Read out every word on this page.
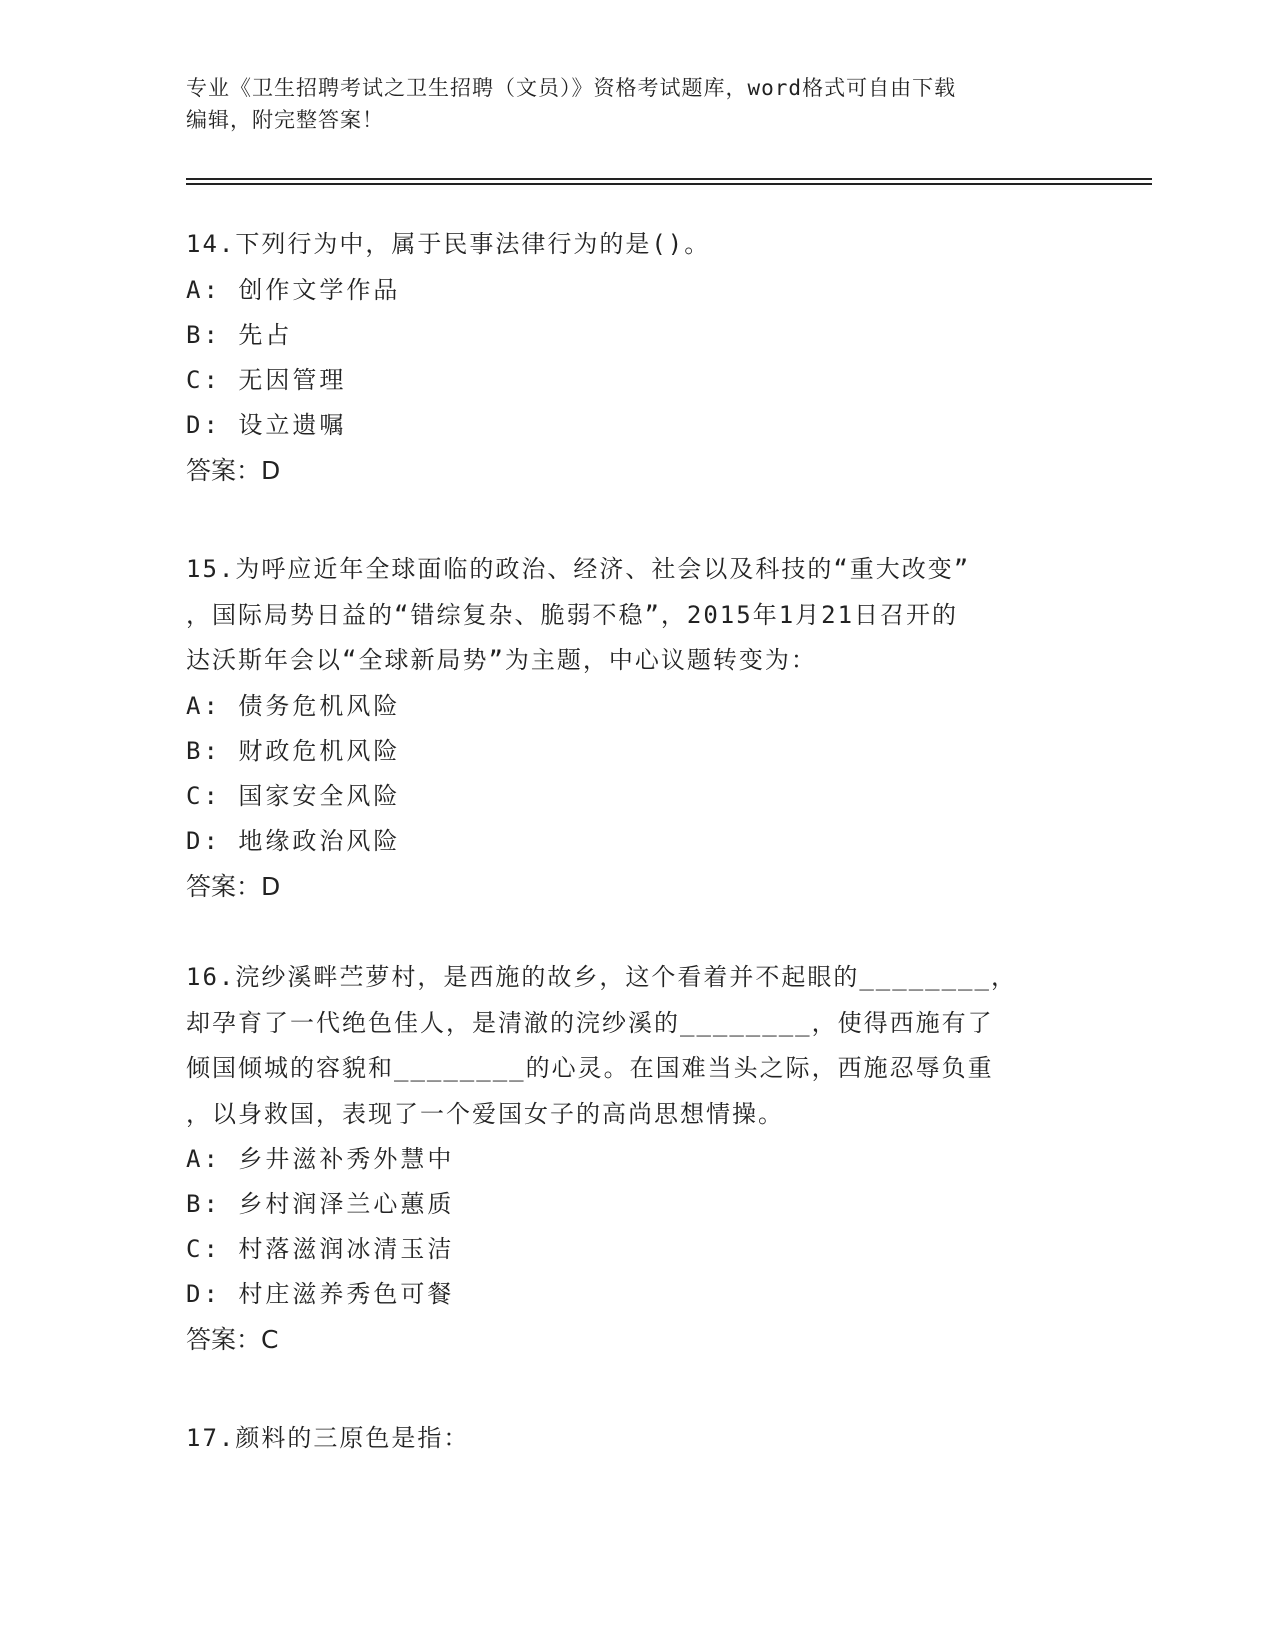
专业《卫生招聘考试之卫生招聘（文员）》资格考试题库，word格式可自由下载
编辑，附完整答案！
14.下列行为中，属于民事法律行为的是()。
A: 创作文学作品
B: 先占
C: 无因管理
D: 设立遗嘱
答案：D
15.为呼应近年全球面临的政治、经济、社会以及科技的“重大改变”
，国际局势日益的“错综复杂、脆弱不稳”，2015年1月21日召开的
达沃斯年会以“全球新局势”为主题，中心议题转变为：
A: 债务危机风险
B: 财政危机风险
C: 国家安全风险
D: 地缘政治风险
答案：D
16.浣纱溪畔苎萝村，是西施的故乡，这个看着并不起眼的________，
却孕育了一代绝色佳人，是清澈的浣纱溪的________，使得西施有了
倾国倾城的容貌和________的心灵。在国难当头之际，西施忍辱负重
，以身救国，表现了一个爱国女子的高尚思想情操。
A: 乡井滋补秀外慧中
B: 乡村润泽兰心蕙质
C: 村落滋润冰清玉洁
D: 村庄滋养秀色可餐
答案：C
17.颜料的三原色是指：
